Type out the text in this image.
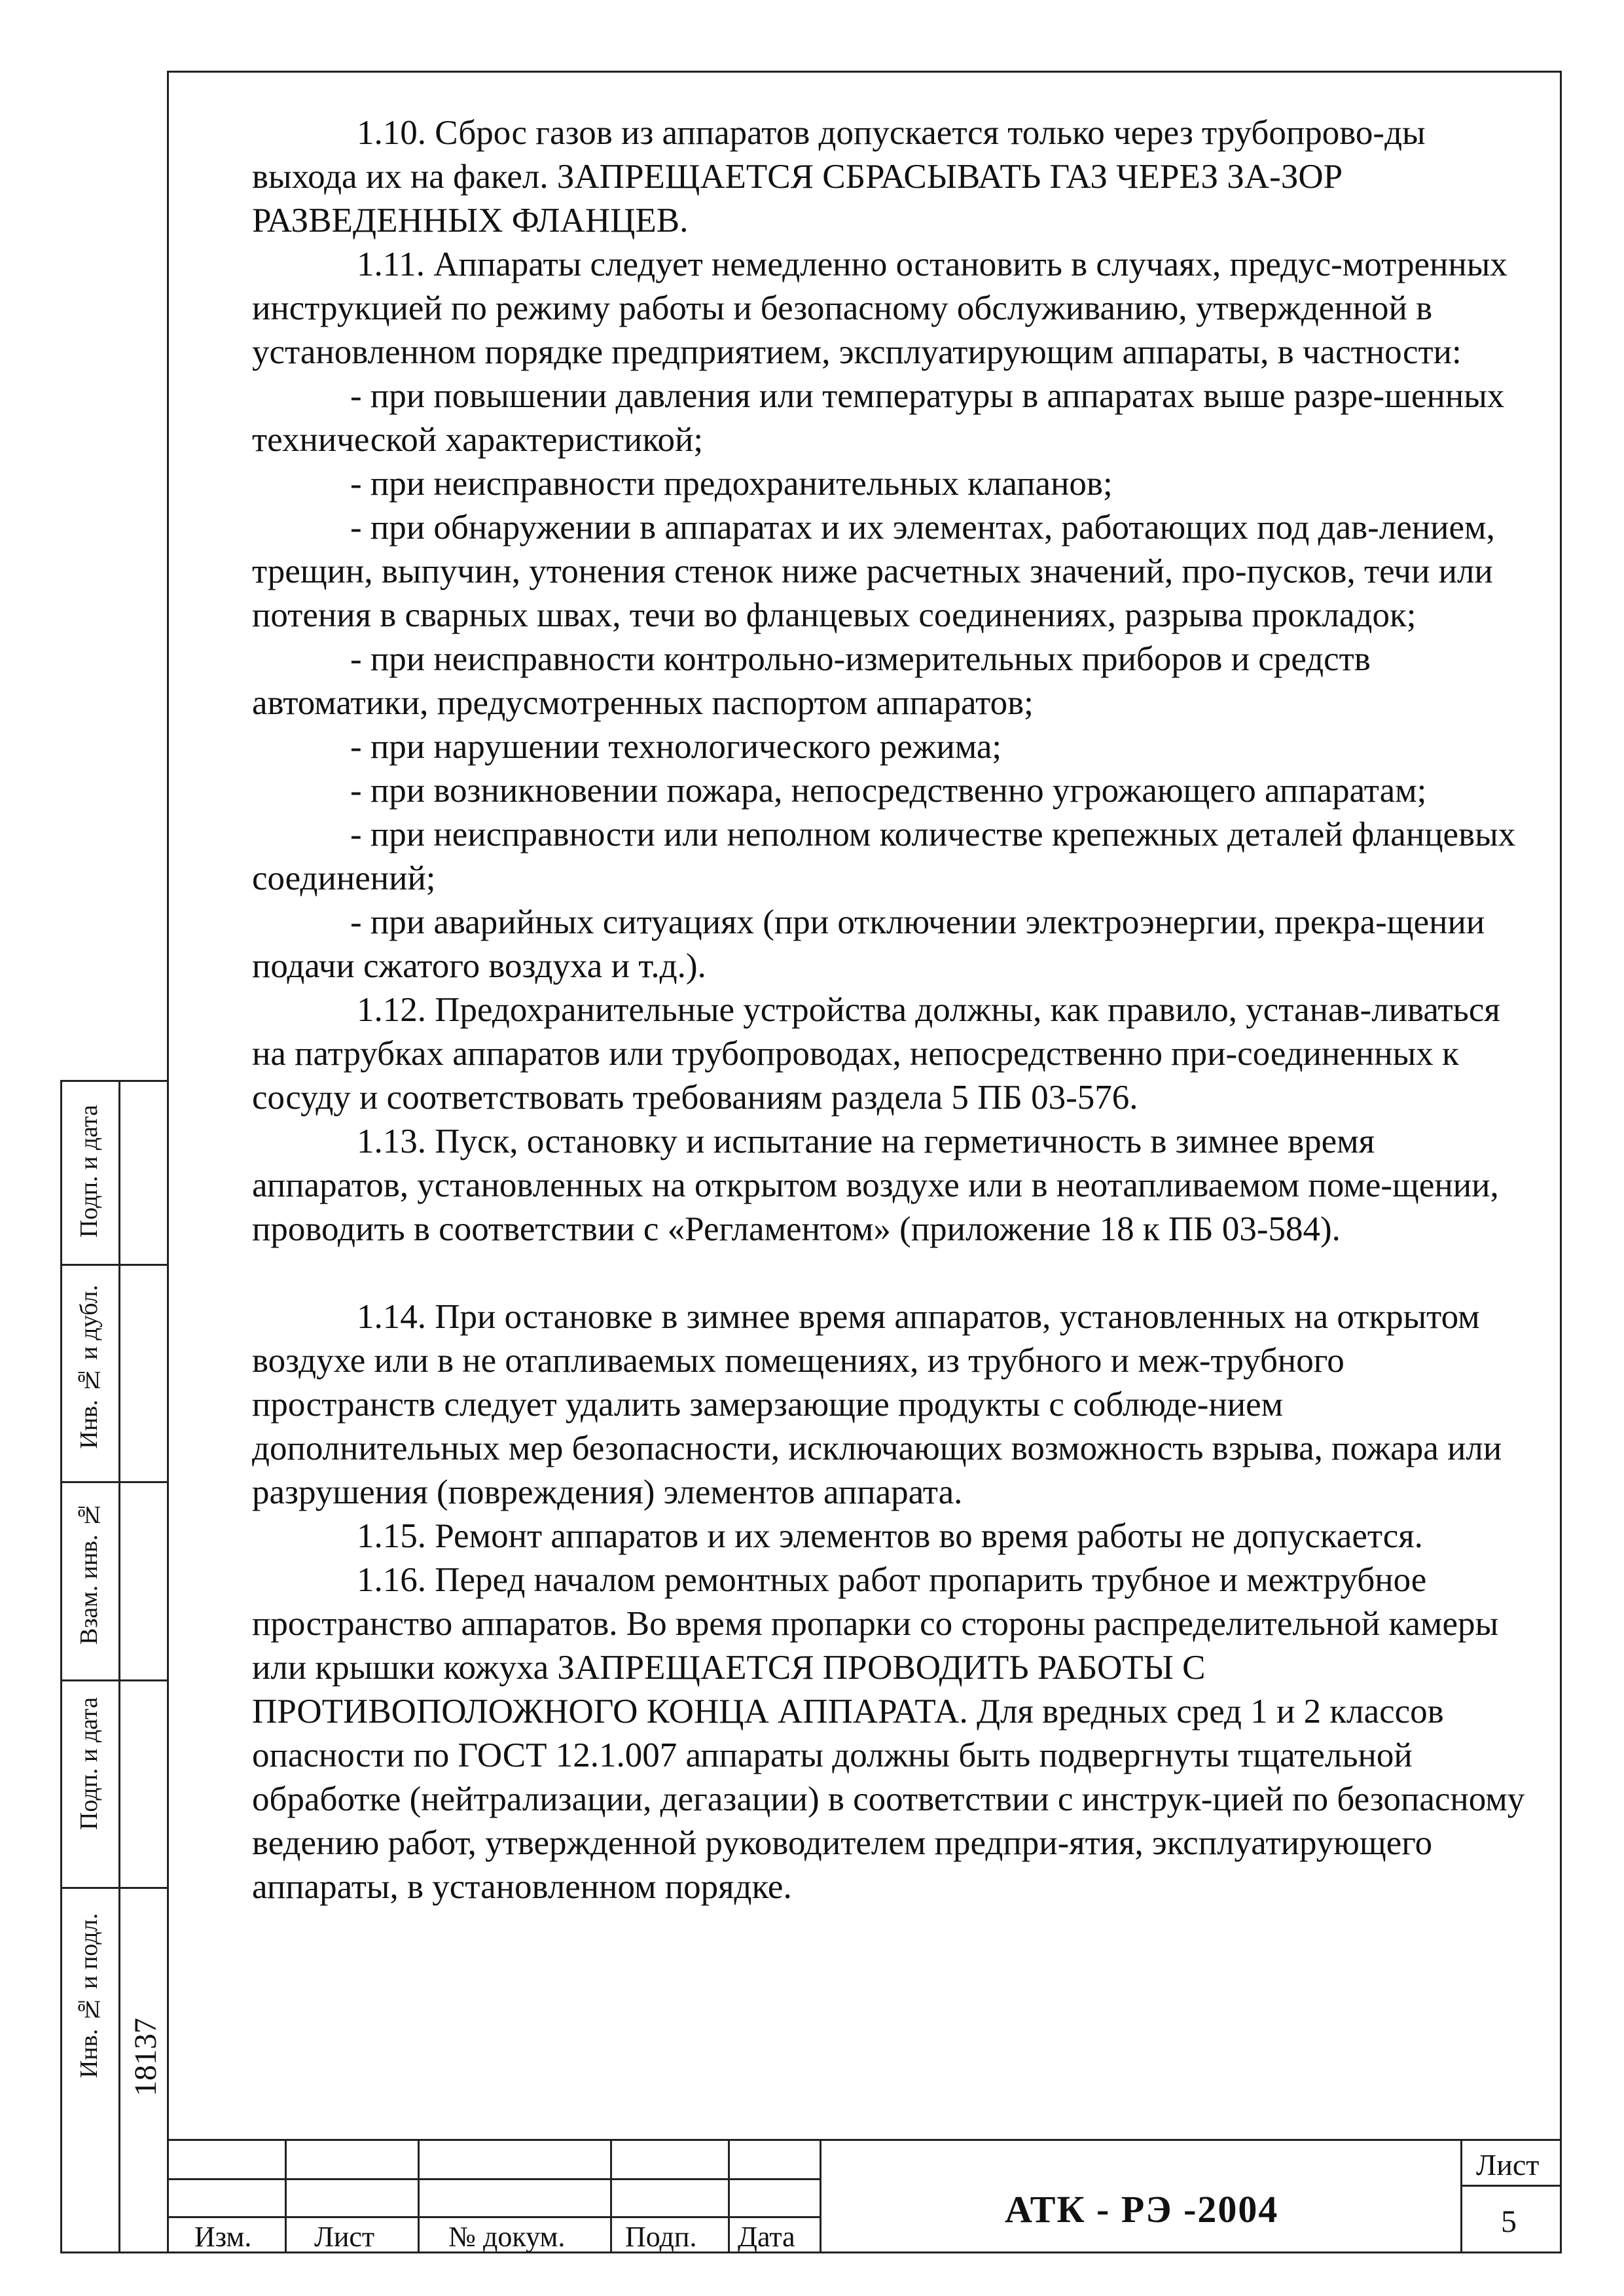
1.10. Сброс газов из аппаратов допускается только через трубопрово-ды выхода их на факел. ЗАПРЕЩАЕТСЯ СБРАСЫВАТЬ ГАЗ ЧЕРЕЗ ЗА-ЗОР РАЗВЕДЕННЫХ ФЛАНЦЕВ.

1.11. Аппараты следует немедленно остановить в случаях, предус-мотренных инструкцией по режиму работы и безопасному обслуживанию, утвержденной в установленном порядке предприятием, эксплуатирующим аппараты, в частности:

- при повышении давления или температуры в аппаратах выше разре-шенных технической характеристикой;

- при неисправности предохранительных клапанов;

- при обнаружении в аппаратах и их элементах, работающих под дав-лением, трещин, выпучин, утонения стенок ниже расчетных значений, про-пусков, течи или потения в сварных швах, течи во фланцевых соединениях, разрыва прокладок;

- при неисправности контрольно-измерительных приборов и средств автоматики, предусмотренных паспортом аппаратов;

- при нарушении технологического режима;

- при возникновении пожара, непосредственно угрожающего аппаратам;

- при неисправности или неполном количестве крепежных деталей фланцевых соединений;

- при аварийных ситуациях (при отключении электроэнергии, прекра-щении подачи сжатого воздуха и т.д.).

1.12. Предохранительные устройства должны, как правило, устанав-ливаться на патрубках аппаратов или трубопроводах, непосредственно при-соединенных к сосуду и соответствовать требованиям раздела 5 ПБ 03-576.

1.13. Пуск, остановку и испытание на герметичность в зимнее время аппаратов, установленных на открытом воздухе или в неотапливаемом поме-щении, проводить в соответствии с «Регламентом» (приложение 18 к ПБ 03-584).

1.14. При остановке в зимнее время аппаратов, установленных на открытом воздухе или в не отапливаемых помещениях, из трубного и меж-трубного пространств следует удалить замерзающие продукты с соблюде-нием дополнительных мер безопасности, исключающих возможность взрыва, пожара или разрушения (повреждения) элементов аппарата.

1.15. Ремонт аппаратов и их элементов во время работы не допускается.

1.16. Перед началом ремонтных работ пропарить трубное и межтрубное пространство аппаратов. Во время пропарки со стороны распределительной камеры или крышки кожуха ЗАПРЕЩАЕТСЯ ПРОВОДИТЬ РАБОТЫ С ПРОТИВОПОЛОЖНОГО КОНЦА АППАРАТА. Для вредных сред 1 и 2 классов опасности по ГОСТ 12.1.007 аппараты должны быть подвергнуты тщательной обработке (нейтрализации, дегазации) в соответствии с инструк-цией по безопасному ведению работ, утвержденной руководителем предпри-ятия, эксплуатирующего аппараты, в установленном порядке.

Подп. и дата
Инв. № и дубл.
Взам. инв. №
Подп. и дата
Инв. № и подл. 18137
Изм. Лист	№ докум. Подп. Дата
АТК - РЭ -2004
Лист
5
